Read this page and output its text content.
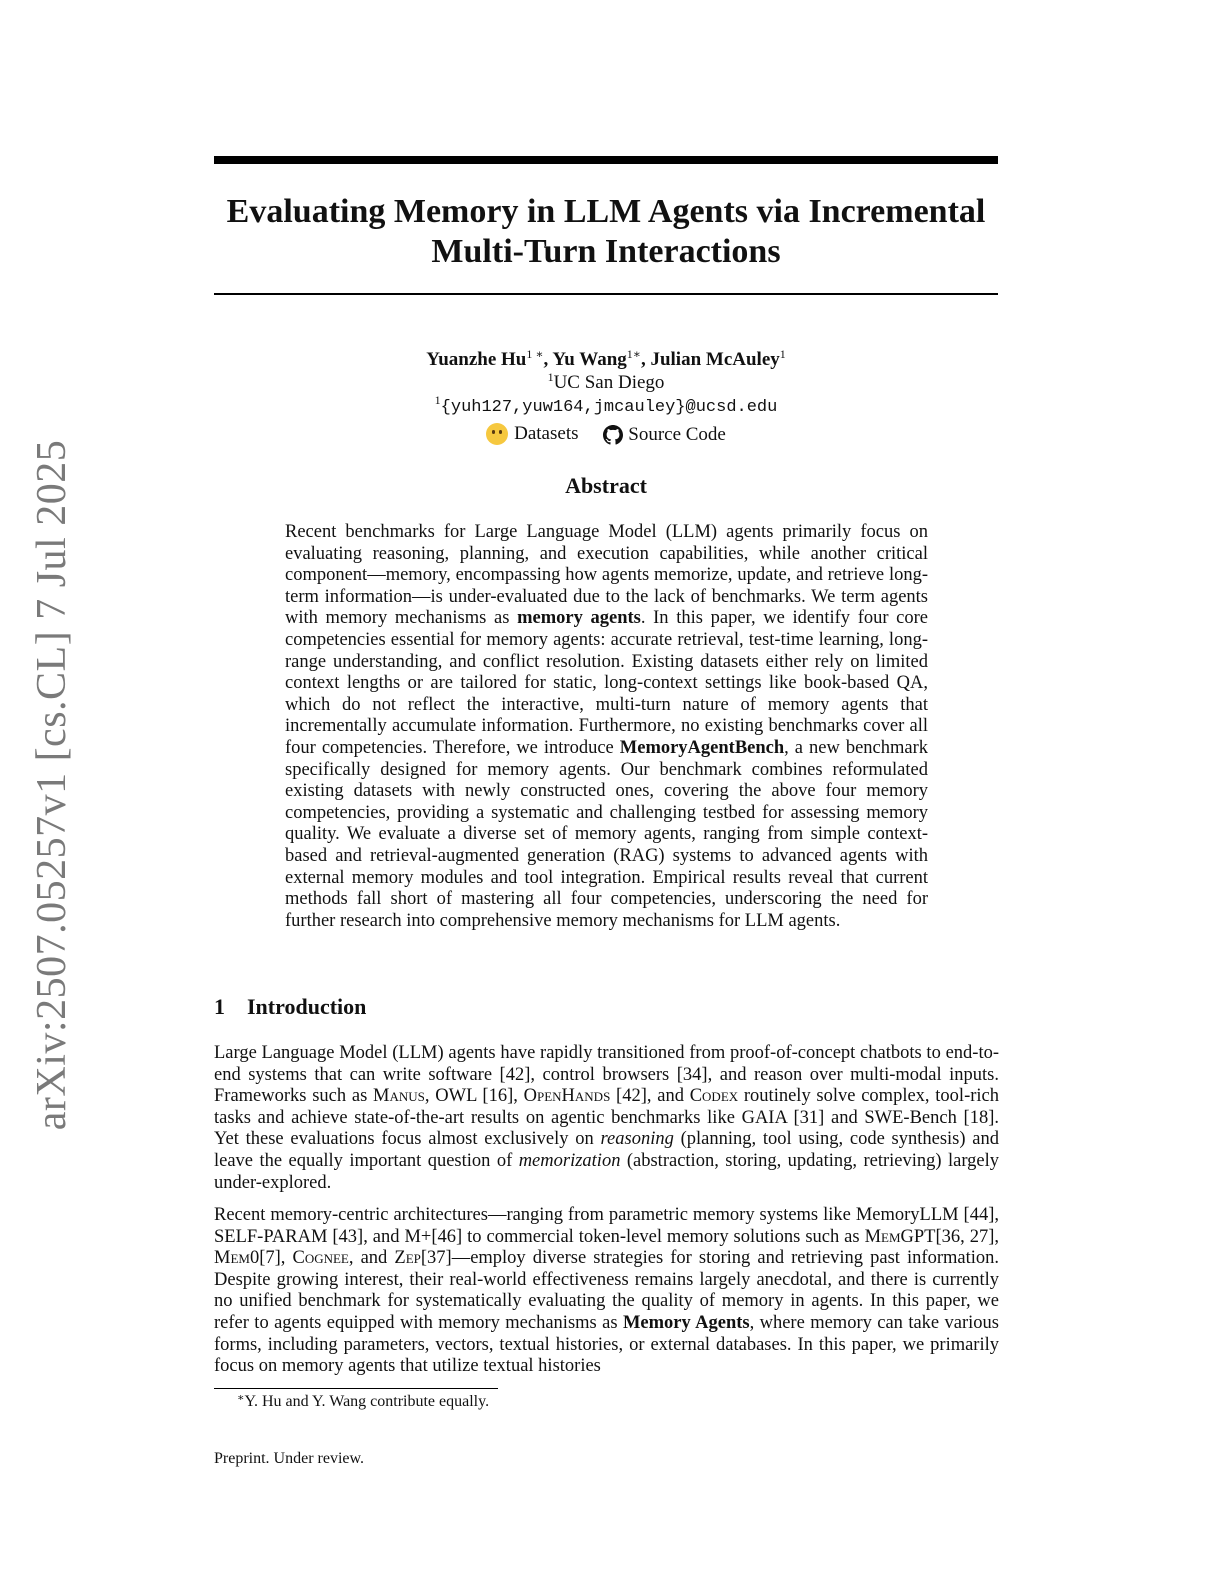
arXiv:2507.05257v1 [cs.CL] 7 Jul 2025
Evaluating Memory in LLM Agents via Incremental
Multi-Turn Interactions
Yuanzhe $Hu^{1 ∗}$, Yu Wang$^{1∗}$, Julian McAuley$^1$
$^1$UC San Diego
$^1${yuh127,yuw164,jmcauley}@ucsd.edu
Datasets
	Source Code
Abstract

Recent benchmarks for Large Language Model (LLM) agents primarily focus on evaluating reasoning, planning, and execution capabilities, while another critical component—memory, encompassing how agents memorize, update, and retrieve long-term information—is under-evaluated due to the lack of benchmarks. We term agents with memory mechanisms as memory agents. In this paper, we identify four core competencies essential for memory agents: accurate retrieval, test-time learning, long-range understanding, and conflict resolution. Existing datasets either rely on limited context lengths or are tailored for static, long-context settings like book-based QA, which do not reflect the interactive, multi-turn nature of memory agents that incrementally accumulate information. Furthermore, no existing benchmarks cover all four competencies. Therefore, we introduce MemoryAgentBench, a new benchmark specifically designed for memory agents. Our benchmark combines reformulated existing datasets with newly constructed ones, covering the above four memory competencies, providing a systematic and challenging testbed for assessing memory quality. We evaluate a diverse set of memory agents, ranging from simple context-based and retrieval-augmented generation (RAG) systems to advanced agents with external memory modules and tool integration. Empirical results reveal that current methods fall short of mastering all four competencies, underscoring the need for further research into comprehensive memory mechanisms for LLM agents.

1 Introduction

Large Language Model (LLM) agents have rapidly transitioned from proof-of-concept chatbots to end-to-end systems that can write software [42], control browsers [34], and reason over multi-modal inputs. Frameworks such as Manus, OWL [16], OpenHands [42], and Codex routinely solve complex, tool-rich tasks and achieve state-of-the-art results on agentic benchmarks like GAIA [31] and SWE-Bench [18]. Yet these evaluations focus almost exclusively on reasoning (planning, tool using, code synthesis) and leave the equally important question of memorization (abstraction, storing, updating, retrieving) largely under-explored.

Recent memory-centric architectures—ranging from parametric memory systems like MemoryLLM [44], SELF-PARAM [43], and M+[46] to commercial token-level memory solutions such as MemGPT[36, 27], Mem0[7], Cognee, and Zep[37]—employ diverse strategies for storing and retrieving past information. Despite growing interest, their real-world effectiveness remains largely anecdotal, and there is currently no unified benchmark for systematically evaluating the quality of memory in agents. In this paper, we refer to agents equipped with memory mechanisms as Memory Agents, where memory can take various forms, including parameters, vectors, textual histories, or external databases. In this paper, we primarily focus on memory agents that utilize textual histories

∗Y. Hu and Y. Wang contribute equally.
Preprint. Under review.
